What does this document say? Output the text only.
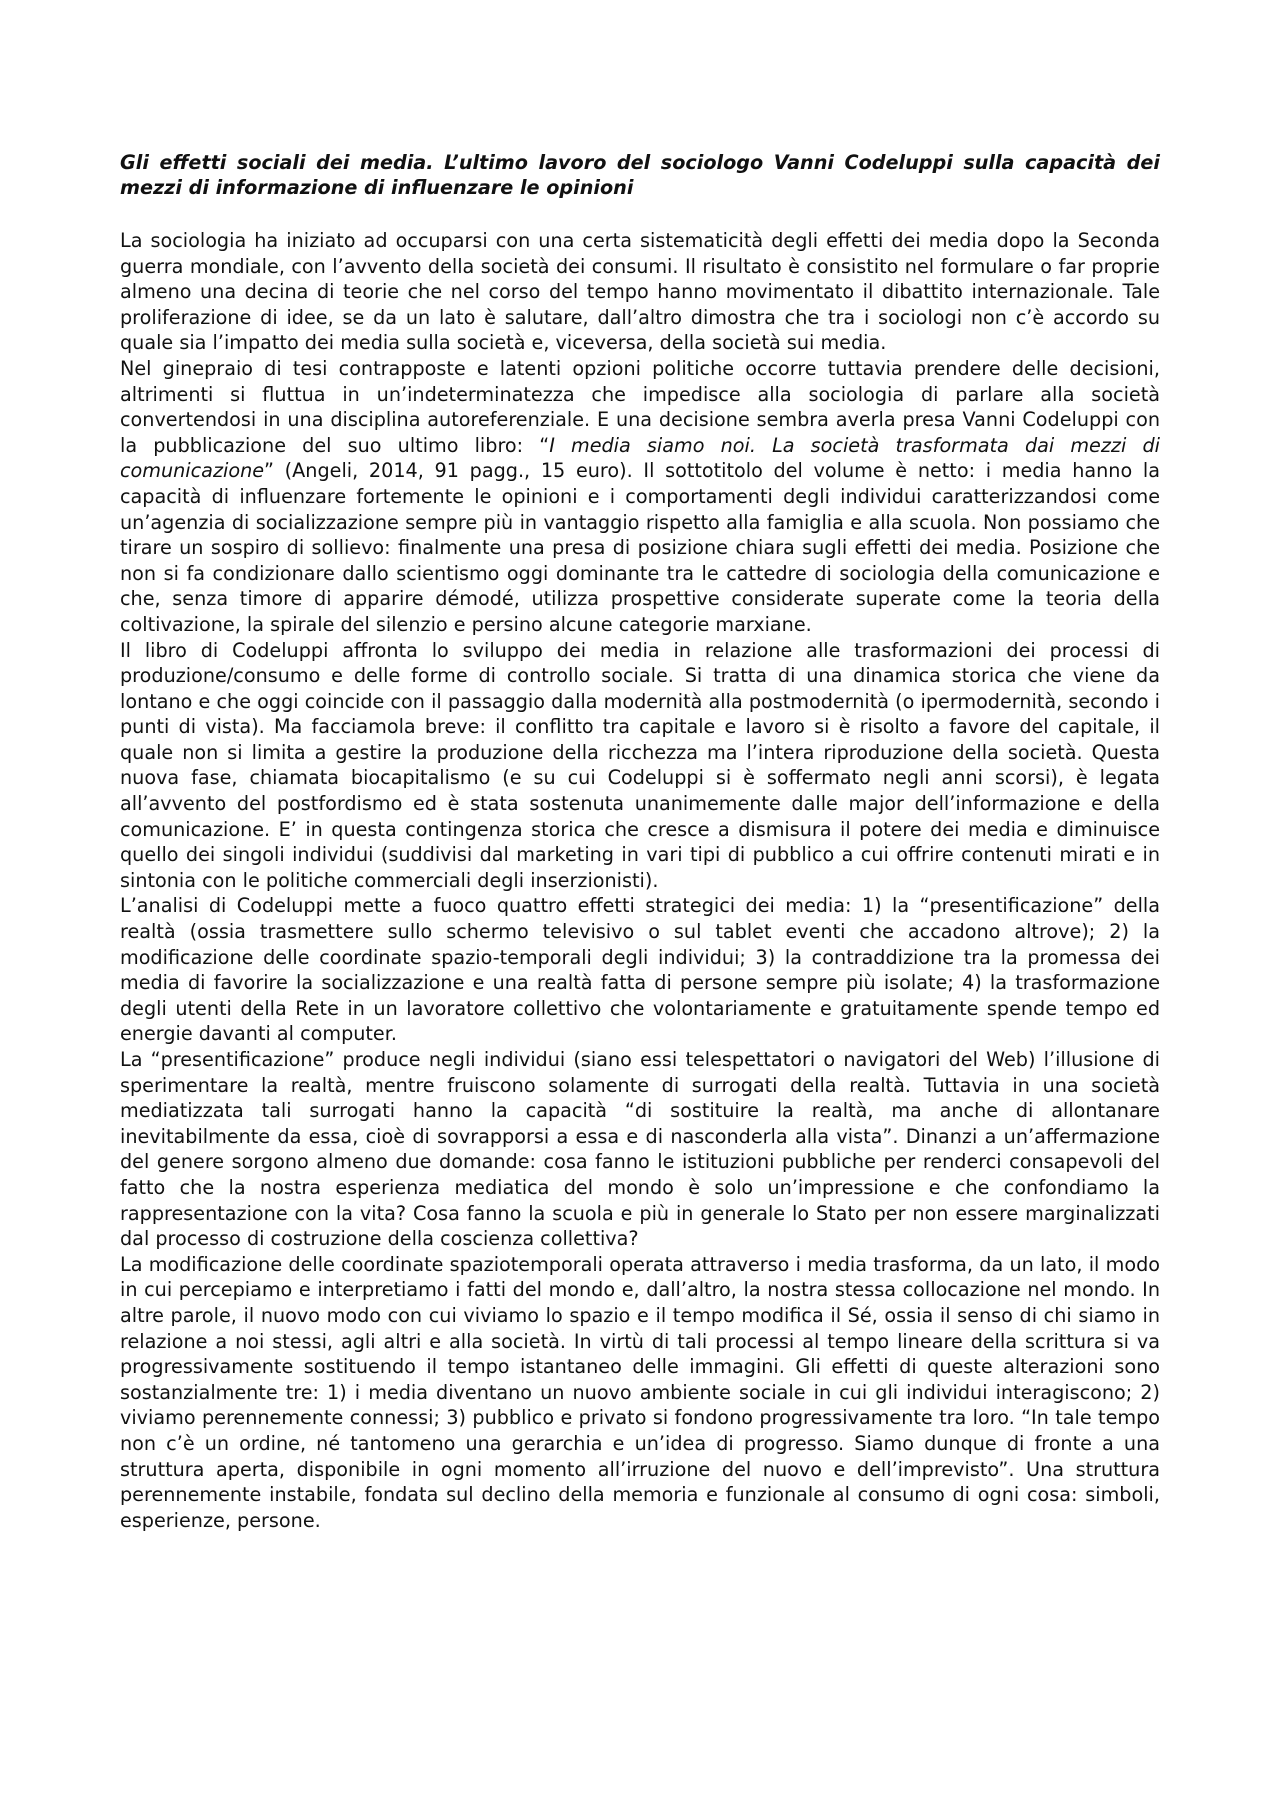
Gli effetti sociali dei media. L’ultimo lavoro del sociologo Vanni Codeluppi sulla capacità dei mezzi di informazione di influenzare le opinioni

La sociologia ha iniziato ad occuparsi con una certa sistematicità degli effetti dei media dopo la Seconda guerra mondiale, con l’avvento della società dei consumi. Il risultato è consistito nel formulare o far proprie almeno una decina di teorie che nel corso del tempo hanno movimentato il dibattito internazionale. Tale proliferazione di idee, se da un lato è salutare, dall’altro dimostra che tra i sociologi non c’è accordo su quale sia l’impatto dei media sulla società e, viceversa, della società sui media.

Nel ginepraio di tesi contrapposte e latenti opzioni politiche occorre tuttavia prendere delle decisioni, altrimenti si fluttua in un’indeterminatezza che impedisce alla sociologia di parlare alla società convertendosi in una disciplina autoreferenziale. E una decisione sembra averla presa Vanni Codeluppi con la pubblicazione del suo ultimo libro: “I media siamo noi. La società trasformata dai mezzi di comunicazione” (Angeli, 2014, 91 pagg., 15 euro). Il sottotitolo del volume è netto: i media hanno la capacità di influenzare fortemente le opinioni e i comportamenti degli individui caratterizzandosi come un’agenzia di socializzazione sempre più in vantaggio rispetto alla famiglia e alla scuola. Non possiamo che tirare un sospiro di sollievo: finalmente una presa di posizione chiara sugli effetti dei media. Posizione che non si fa condizionare dallo scientismo oggi dominante tra le cattedre di sociologia della comunicazione e che, senza timore di apparire démodé, utilizza prospettive considerate superate come la teoria della coltivazione, la spirale del silenzio e persino alcune categorie marxiane.

Il libro di Codeluppi affronta lo sviluppo dei media in relazione alle trasformazioni dei processi di produzione/consumo e delle forme di controllo sociale. Si tratta di una dinamica storica che viene da lontano e che oggi coincide con il passaggio dalla modernità alla postmodernità (o ipermodernità, secondo i punti di vista). Ma facciamola breve: il conflitto tra capitale e lavoro si è risolto a favore del capitale, il quale non si limita a gestire la produzione della ricchezza ma l’intera riproduzione della società. Questa nuova fase, chiamata biocapitalismo (e su cui Codeluppi si è soffermato negli anni scorsi), è legata all’avvento del postfordismo ed è stata sostenuta unanimemente dalle major dell’informazione e della comunicazione. E’ in questa contingenza storica che cresce a dismisura il potere dei media e diminuisce quello dei singoli individui (suddivisi dal marketing in vari tipi di pubblico a cui offrire contenuti mirati e in sintonia con le politiche commerciali degli inserzionisti).

L’analisi di Codeluppi mette a fuoco quattro effetti strategici dei media: 1) la “presentificazione” della realtà (ossia trasmettere sullo schermo televisivo o sul tablet eventi che accadono altrove); 2) la modificazione delle coordinate spazio-temporali degli individui; 3) la contraddizione tra la promessa dei media di favorire la socializzazione e una realtà fatta di persone sempre più isolate; 4) la trasformazione degli utenti della Rete in un lavoratore collettivo che volontariamente e gratuitamente spende tempo ed energie davanti al computer.

La “presentificazione” produce negli individui (siano essi telespettatori o navigatori del Web) l’illusione di sperimentare la realtà, mentre fruiscono solamente di surrogati della realtà. Tuttavia in una società mediatizzata tali surrogati hanno la capacità “di sostituire la realtà, ma anche di allontanare inevitabilmente da essa, cioè di sovrapporsi a essa e di nasconderla alla vista”. Dinanzi a un’affermazione del genere sorgono almeno due domande: cosa fanno le istituzioni pubbliche per renderci consapevoli del fatto che la nostra esperienza mediatica del mondo è solo un’impressione e che confondiamo la rappresentazione con la vita? Cosa fanno la scuola e più in generale lo Stato per non essere marginalizzati dal processo di costruzione della coscienza collettiva?

La modificazione delle coordinate spaziotemporali operata attraverso i media trasforma, da un lato, il modo in cui percepiamo e interpretiamo i fatti del mondo e, dall’altro, la nostra stessa collocazione nel mondo. In altre parole, il nuovo modo con cui viviamo lo spazio e il tempo modifica il Sé, ossia il senso di chi siamo in relazione a noi stessi, agli altri e alla società. In virtù di tali processi al tempo lineare della scrittura si va progressivamente sostituendo il tempo istantaneo delle immagini. Gli effetti di queste alterazioni sono sostanzialmente tre: 1) i media diventano un nuovo ambiente sociale in cui gli individui interagiscono; 2) viviamo perennemente connessi; 3) pubblico e privato si fondono progressivamente tra loro. “In tale tempo non c’è un ordine, né tantomeno una gerarchia e un’idea di progresso. Siamo dunque di fronte a una struttura aperta, disponibile in ogni momento all’irruzione del nuovo e dell’imprevisto”. Una struttura perennemente instabile, fondata sul declino della memoria e funzionale al consumo di ogni cosa: simboli, esperienze, persone.
